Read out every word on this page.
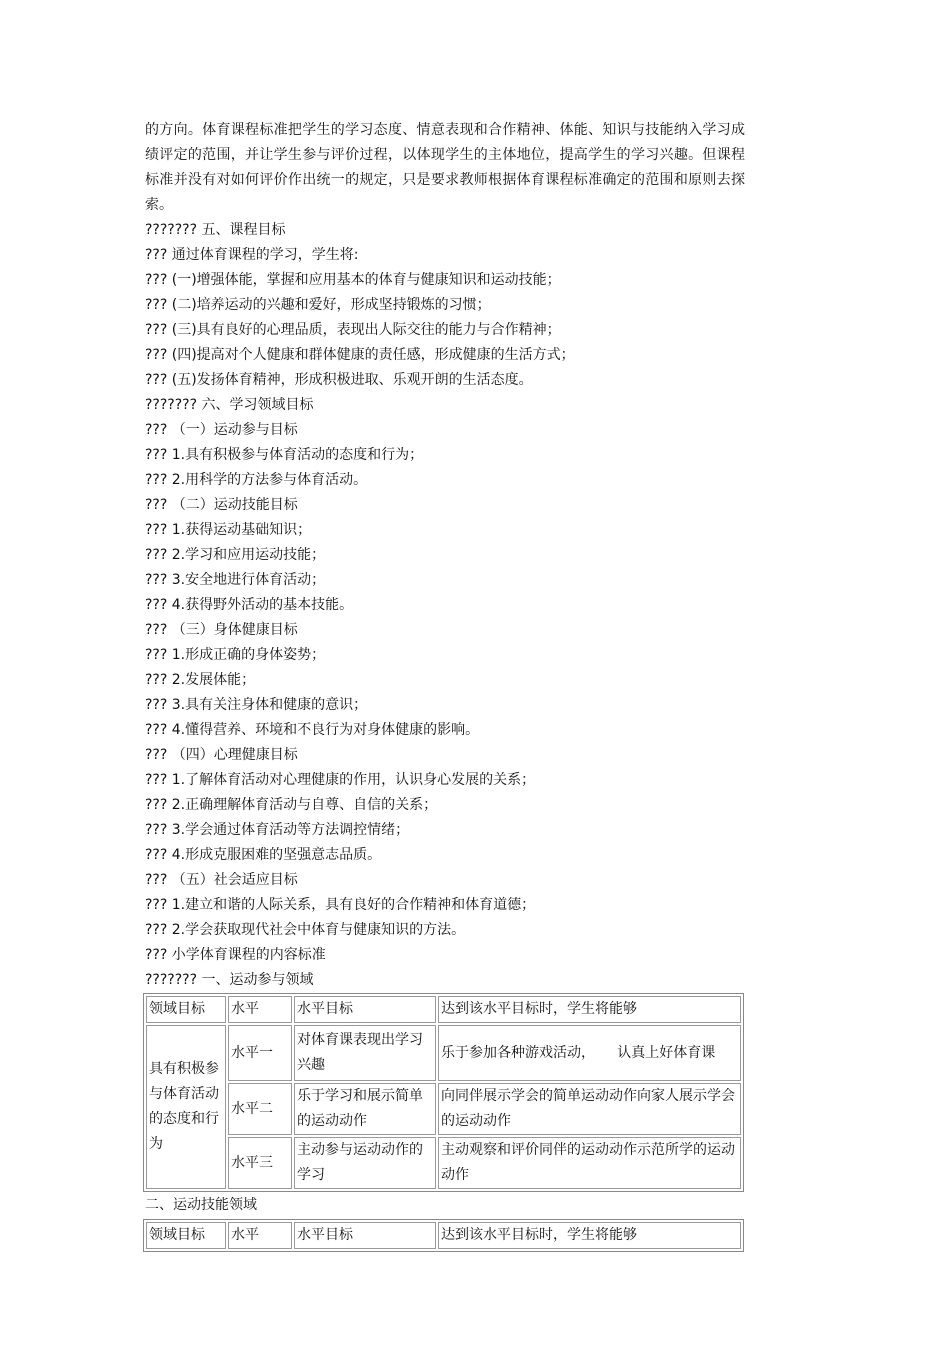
的方向。体育课程标准把学生的学习态度、情意表现和合作精神、体能、知识与技能纳入学习成绩评定的范围，并让学生参与评价过程，以体现学生的主体地位，提高学生的学习兴趣。但课程标准并没有对如何评价作出统一的规定，只是要求教师根据体育课程标准确定的范围和原则去探索。

??????? 五、课程目标
??? 通过体育课程的学习，学生将:
??? (一)增强体能，掌握和应用基本的体育与健康知识和运动技能；
??? (二)培养运动的兴趣和爱好，形成坚持锻炼的习惯；
??? (三)具有良好的心理品质，表现出人际交往的能力与合作精神；
??? (四)提高对个人健康和群体健康的责任感，形成健康的生活方式；
??? (五)发扬体育精神，形成积极进取、乐观开朗的生活态度。
??????? 六、学习领域目标
??? （一）运动参与目标
??? 1.具有积极参与体育活动的态度和行为；
??? 2.用科学的方法参与体育活动。
??? （二）运动技能目标
??? 1.获得运动基础知识；
??? 2.学习和应用运动技能；
??? 3.安全地进行体育活动；
??? 4.获得野外活动的基本技能。
??? （三）身体健康目标
??? 1.形成正确的身体姿势；
??? 2.发展体能；
??? 3.具有关注身体和健康的意识；
??? 4.懂得营养、环境和不良行为对身体健康的影响。
??? （四）心理健康目标
??? 1.了解体育活动对心理健康的作用，认识身心发展的关系；
??? 2.正确理解体育活动与自尊、自信的关系；
??? 3.学会通过体育活动等方法调控情绪；
??? 4.形成克服困难的坚强意志品质。
??? （五）社会适应目标
??? 1.建立和谐的人际关系，具有良好的合作精神和体育道德；
??? 2.学会获取现代社会中体育与健康知识的方法。
??? 小学体育课程的内容标准
??????? 一、运动参与领域
领域目标	水平	水平目标	达到该水平目标时，学生将能够
具有积极参与体育活动的态度和行为	水平一	对体育课表现出学习兴趣	乐于参加各种游戏活动，     认真上好体育课
	水平二	乐于学习和展示简单的运动动作	向同伴展示学会的简单运动动作向家人展示学会的运动动作
	水平三	主动参与运动动作的学习	主动观察和评价同伴的运动动作示范所学的运动动作
二、运动技能领域
领域目标	水平	水平目标	达到该水平目标时，学生将能够
